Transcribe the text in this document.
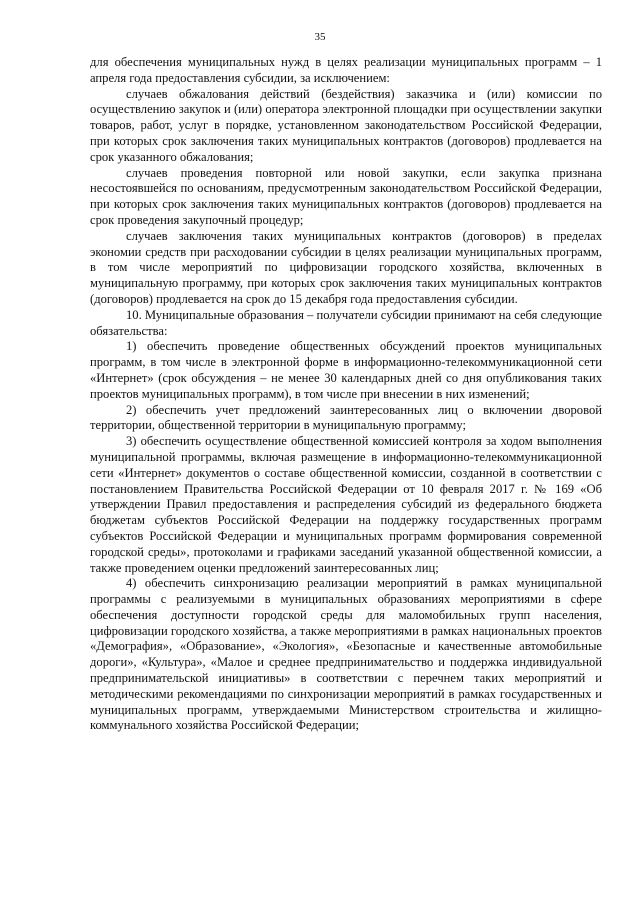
35

для обеспечения муниципальных нужд в целях реализации муниципальных программ – 1 апреля года предоставления субсидии, за исключением:

случаев обжалования действий (бездействия) заказчика и (или) комиссии по осуществлению закупок и (или) оператора электронной площадки при осуществлении закупки товаров, работ, услуг в порядке, установленном законодательством Российской Федерации, при которых срок заключения таких муниципальных контрактов (договоров) продлевается на срок указанного обжалования;

случаев проведения повторной или новой закупки, если закупка признана несостоявшейся по основаниям, предусмотренным законодательством Российской Федерации, при которых срок заключения таких муниципальных контрактов (договоров) продлевается на срок проведения закупочный процедур;

случаев заключения таких муниципальных контрактов (договоров) в пределах экономии средств при расходовании субсидии в целях реализации муниципальных программ, в том числе мероприятий по цифровизации городского хозяйства, включенных в муниципальную программу, при которых срок заключения таких муниципальных контрактов (договоров) продлевается на срок до 15 декабря года предоставления субсидии.

10. Муниципальные образования – получатели субсидии принимают на себя следующие обязательства:

1) обеспечить проведение общественных обсуждений проектов муниципальных программ, в том числе в электронной форме в информационно-телекоммуникационной сети «Интернет» (срок обсуждения – не менее 30 календарных дней со дня опубликования таких проектов муниципальных программ), в том числе при внесении в них изменений;

2) обеспечить учет предложений заинтересованных лиц о включении дворовой территории, общественной территории в муниципальную программу;

3) обеспечить осуществление общественной комиссией контроля за ходом выполнения муниципальной программы, включая размещение в информационно-телекоммуникационной сети «Интернет» документов о составе общественной комиссии, созданной в соответствии с постановлением Правительства Российской Федерации от 10 февраля 2017 г. № 169 «Об утверждении Правил предоставления и распределения субсидий из федерального бюджета бюджетам субъектов Российской Федерации на поддержку государственных программ субъектов Российской Федерации и муниципальных программ формирования современной городской среды», протоколами и графиками заседаний указанной общественной комиссии, а также проведением оценки предложений заинтересованных лиц;

4) обеспечить синхронизацию реализации мероприятий в рамках муниципальной программы с реализуемыми в муниципальных образованиях мероприятиями в сфере обеспечения доступности городской среды для маломобильных групп населения, цифровизации городского хозяйства, а также мероприятиями в рамках национальных проектов «Демография», «Образование», «Экология», «Безопасные и качественные автомобильные дороги», «Культура», «Малое и среднее предпринимательство и поддержка индивидуальной предпринимательской инициативы» в соответствии с перечнем таких мероприятий и методическими рекомендациями по синхронизации мероприятий в рамках государственных и муниципальных программ, утверждаемыми Министерством строительства и жилищно-коммунального хозяйства Российской Федерации;
